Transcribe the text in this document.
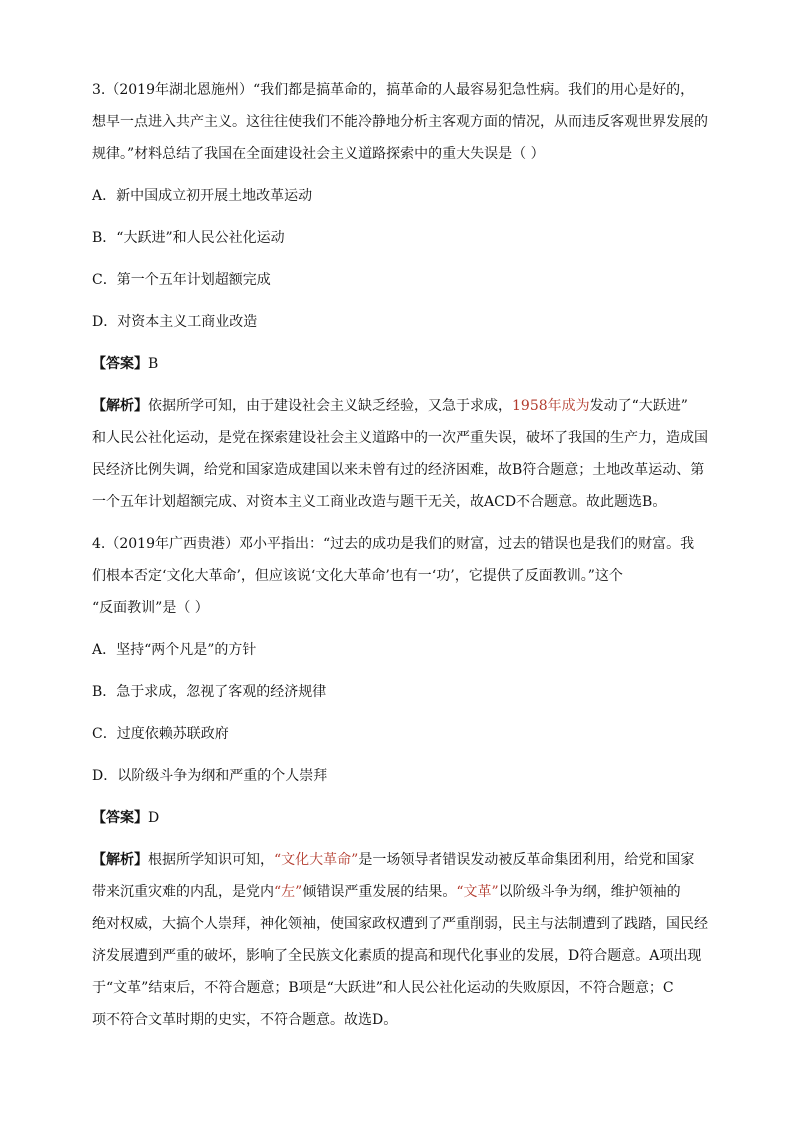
3.（2019年湖北恩施州）“我们都是搞革命的，搞革命的人最容易犯急性病。我们的用心是好的，
想早一点进入共产主义。这往往使我们不能冷静地分析主客观方面的情况，从而违反客观世界发展的
规律。”材料总结了我国在全面建设社会主义道路探索中的重大失误是（ ）
A．新中国成立初开展土地改革运动
B．“大跃进”和人民公社化运动
C．第一个五年计划超额完成
D．对资本主义工商业改造
【答案】B
【解析】依据所学可知，由于建设社会主义缺乏经验，又急于求成，1958年成为发动了“大跃进”
和人民公社化运动，是党在探索建设社会主义道路中的一次严重失误，破坏了我国的生产力，造成国
民经济比例失调，给党和国家造成建国以来未曾有过的经济困难，故B符合题意；土地改革运动、第
一个五年计划超额完成、对资本主义工商业改造与题干无关，故ACD不合题意。故此题选B。
4.（2019年广西贵港）邓小平指出：“过去的成功是我们的财富，过去的错误也是我们的财富。我
们根本否定‘文化大革命’，但应该说‘文化大革命’也有一‘功’，它提供了反面教训。”这个
“反面教训”是（ ）
A．坚持“两个凡是”的方针
B．急于求成，忽视了客观的经济规律
C．过度依赖苏联政府
D．以阶级斗争为纲和严重的个人崇拜
【答案】D
【解析】根据所学知识可知，“文化大革命”是一场领导者错误发动被反革命集团利用，给党和国家
带来沉重灾难的内乱，是党内“左”倾错误严重发展的结果。“文革”以阶级斗争为纲，维护领袖的
绝对权威，大搞个人崇拜，神化领袖，使国家政权遭到了严重削弱，民主与法制遭到了践踏，国民经
济发展遭到严重的破坏，影响了全民族文化素质的提高和现代化事业的发展，D符合题意。A项出现
于“文革”结束后，不符合题意；B项是“大跃进”和人民公社化运动的失败原因，不符合题意；C
项不符合文革时期的史实，不符合题意。故选D。
